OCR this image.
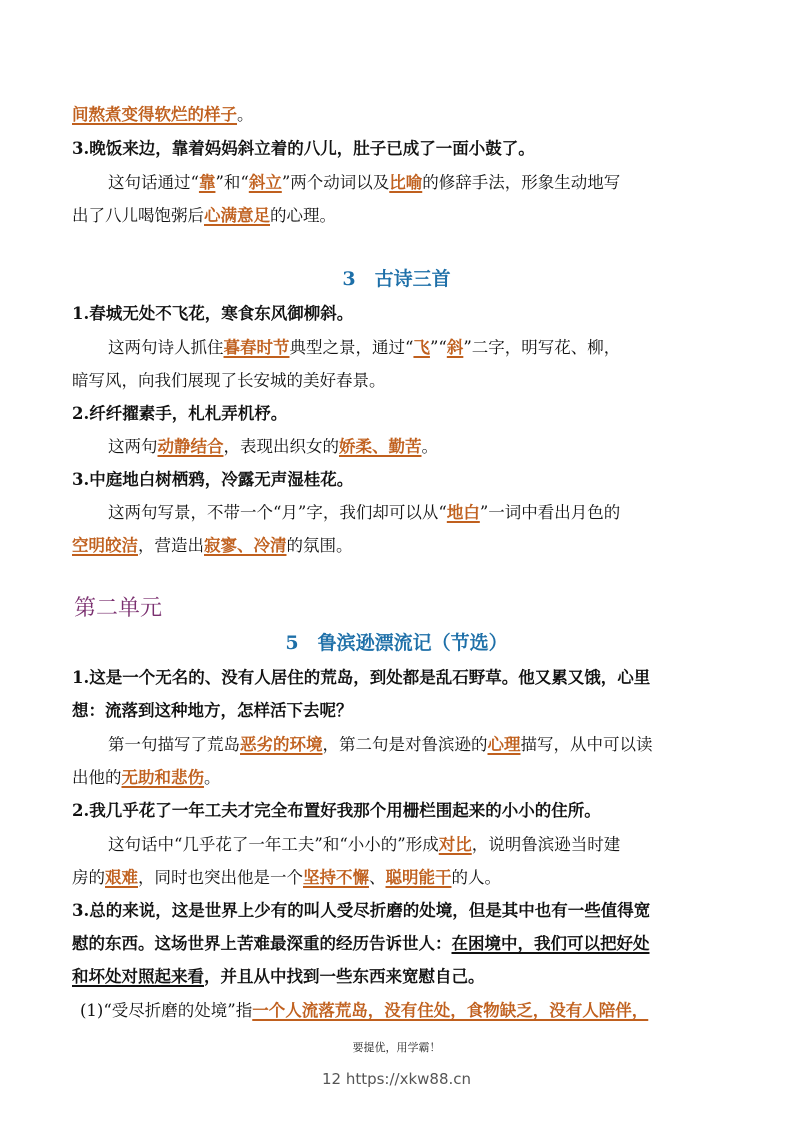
间熬煮变得软烂的样子。
3.晚饭来边，靠着妈妈斜立着的八儿，肚子已成了一面小鼓了。
这句话通过“靠”和“斜立”两个动词以及比喻的修辞手法，形象生动地写
出了八儿喝饱粥后心满意足的心理。
3　古诗三首
1.春城无处不飞花，寒食东风御柳斜。
这两句诗人抓住暮春时节典型之景，通过“飞”“斜”二字，明写花、柳，
暗写风，向我们展现了长安城的美好春景。
2.纤纤擢素手，札札弄机杼。
这两句动静结合，表现出织女的娇柔、勤苦。
3.中庭地白树栖鸦，冷露无声湿桂花。
这两句写景，不带一个“月”字，我们却可以从“地白”一词中看出月色的
空明皎洁，营造出寂寥、冷清的氛围。
第二单元
5　鲁滨逊漂流记（节选）
1.这是一个无名的、没有人居住的荒岛，到处都是乱石野草。他又累又饿，心里
想：流落到这种地方，怎样活下去呢？
第一句描写了荒岛恶劣的环境，第二句是对鲁滨逊的心理描写，从中可以读
出他的无助和悲伤。
2.我几乎花了一年工夫才完全布置好我那个用栅栏围起来的小小的住所。
这句话中“几乎花了一年工夫”和“小小的”形成对比，说明鲁滨逊当时建
房的艰难，同时也突出他是一个坚持不懈、聪明能干的人。
3.总的来说，这是世界上少有的叫人受尽折磨的处境，但是其中也有一些值得宽
慰的东西。这场世界上苦难最深重的经历告诉世人：在困境中，我们可以把好处
和坏处对照起来看，并且从中找到一些东西来宽慰自己。
(1)“受尽折磨的处境”指一个人流落荒岛，没有住处，食物缺乏，没有人陪伴，
要提优，用学霸！
12 https://xkw88.cn
